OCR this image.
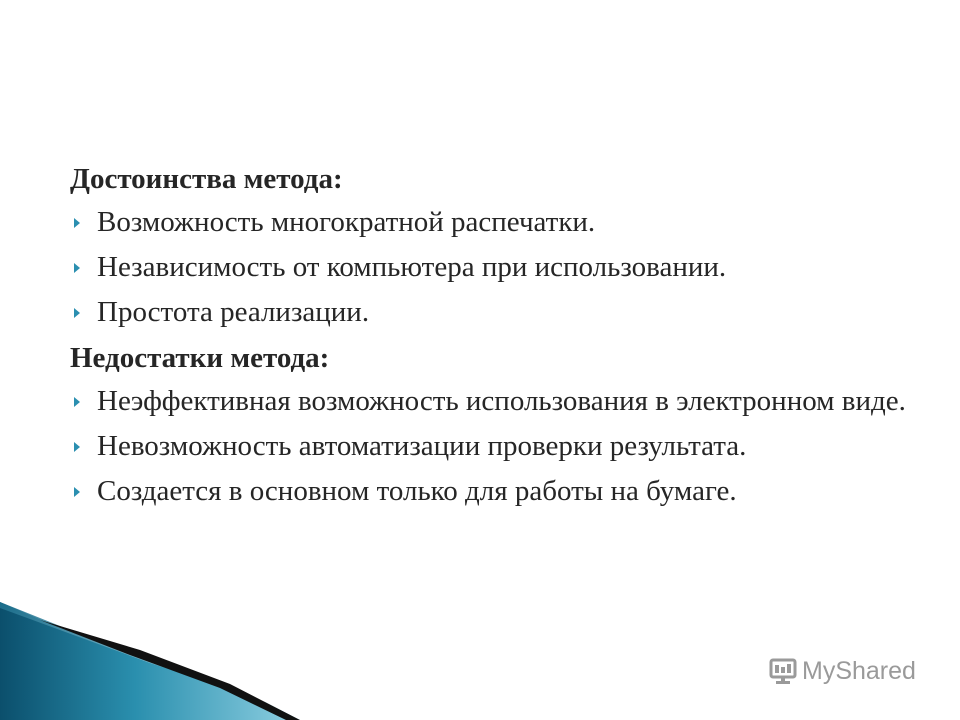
Достоинства метода:
Возможность многократной распечатки.
Независимость от компьютера при использовании.
Простота реализации.
Недостатки метода:
Неэффективная возможность использования в электронном виде.
Невозможность автоматизации проверки результата.
Создается в основном только для работы на бумаге.
MyShared
